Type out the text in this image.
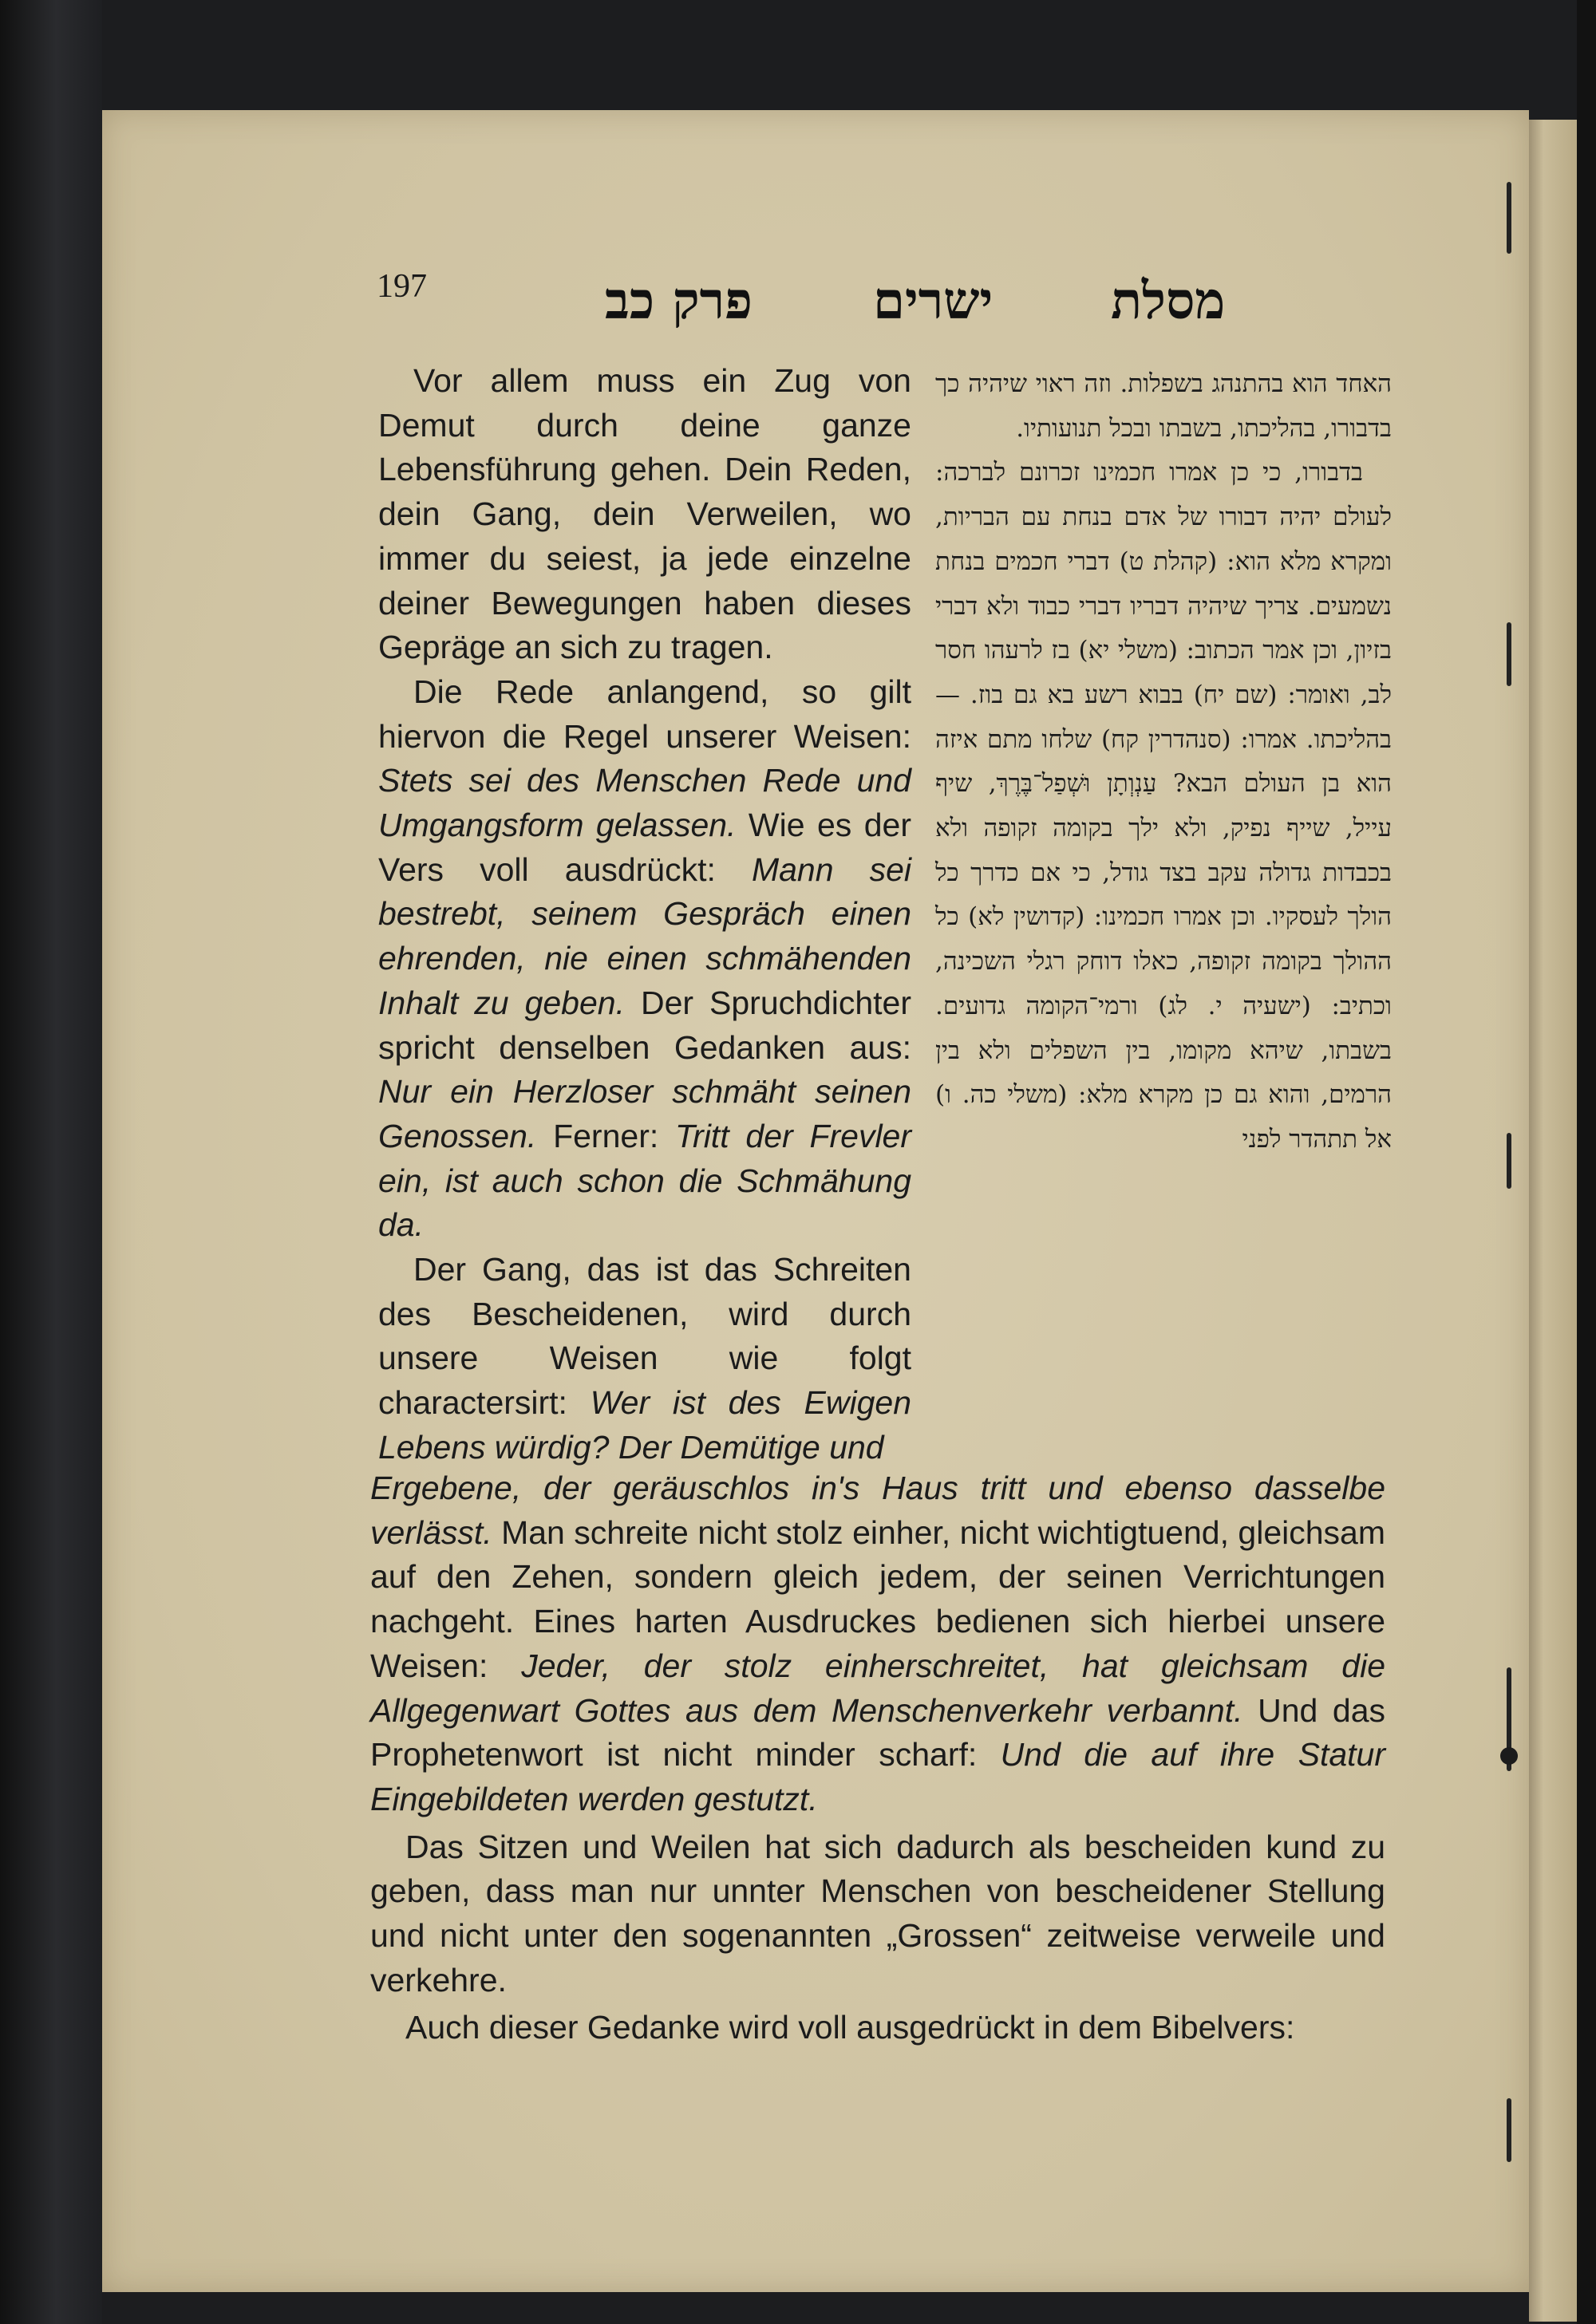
197	מסלת
ישרים
פרק כב

Vor allem muss ein Zug von Demut durch deine ganze Lebensführung gehen. Dein Reden, dein Gang, dein Verweilen, wo immer du seiest, ja jede einzelne deiner Bewegungen haben dieses Gepräge an sich zu tragen.

Die Rede anlangend, so gilt hiervon die Regel unserer Weisen: Stets sei des Menschen Rede und Umgangsform gelassen. Wie es der Vers voll ausdrückt: Mann sei bestrebt, seinem Gespräch einen ehrenden, nie einen schmähenden Inhalt zu geben. Der Spruchdichter spricht denselben Gedanken aus: Nur ein Herzloser schmäht seinen Genossen. Ferner: Tritt der Frevler ein, ist auch schon die Schmähung da.

Der Gang, das ist das Schreiten des Bescheidenen, wird durch unsere Weisen wie folgt charactersirt: Wer ist des Ewigen Lebens würdig? Der Demütige und

האחד הוא בהתנהג בשפלות. וזה ראוי שיהיה כך בדבורו, בהליכתו, בשבתו ובכל תנועותיו.

בדבורו, כי כן אמרו חכמינו זכרונם לברכה: לעולם יהיה דבורו של אדם בנחת עם הבריות, ומקרא מלא הוא: (קהלת ט) דברי חכמים בנחת נשמעים. צריך שיהיה דבריו דברי כבוד ולא דברי בזיון, וכן אמר הכתוב: (משלי יא) בז לרעהו חסר לב, ואומר: (שם יח) בבוא רשע בא גם בוז. — בהליכתו. אמרו: (סנהדרין קח) שלחו מתם איזה הוא בן העולם הבא? עַנְוְתָן וּשְׁפַל־בֶּרֶךְ, שיף עייל, שייף נפיק, ולא ילך בקומה זקופה ולא בכבדות גדולה עקב בצד גודל, כי אם כדרך כל הולך לעסקיו. וכן אמרו חכמינו: (קדושין לא) כל ההולך בקומה זקופה, כאלו דוחק רגלי השכינה, וכתיב: (ישעיה י. לג) ורמי־הקומה גדועים. בשבתו, שיהא מקומו, בין השפלים ולא בין הרמים, והוא גם כן מקרא מלא: (משלי כה. ו) אל תתהדר לפני

Ergebene, der geräuschlos in's Haus tritt und ebenso dasselbe verlässt. Man schreite nicht stolz einher, nicht wichtigtuend, gleichsam auf den Zehen, sondern gleich jedem, der seinen Verrichtungen nachgeht. Eines harten Ausdruckes bedienen sich hierbei unsere Weisen: Jeder, der stolz einherschreitet, hat gleichsam die Allgegenwart Gottes aus dem Menschenverkehr verbannt. Und das Prophetenwort ist nicht minder scharf: Und die auf ihre Statur Eingebildeten werden gestutzt.

Das Sitzen und Weilen hat sich dadurch als bescheiden kund zu geben, dass man nur unnter Menschen von bescheidener Stellung und nicht unter den sogenannten „Grossen“ zeitweise verweile und verkehre.

Auch dieser Gedanke wird voll ausgedrückt in dem Bibelvers:
